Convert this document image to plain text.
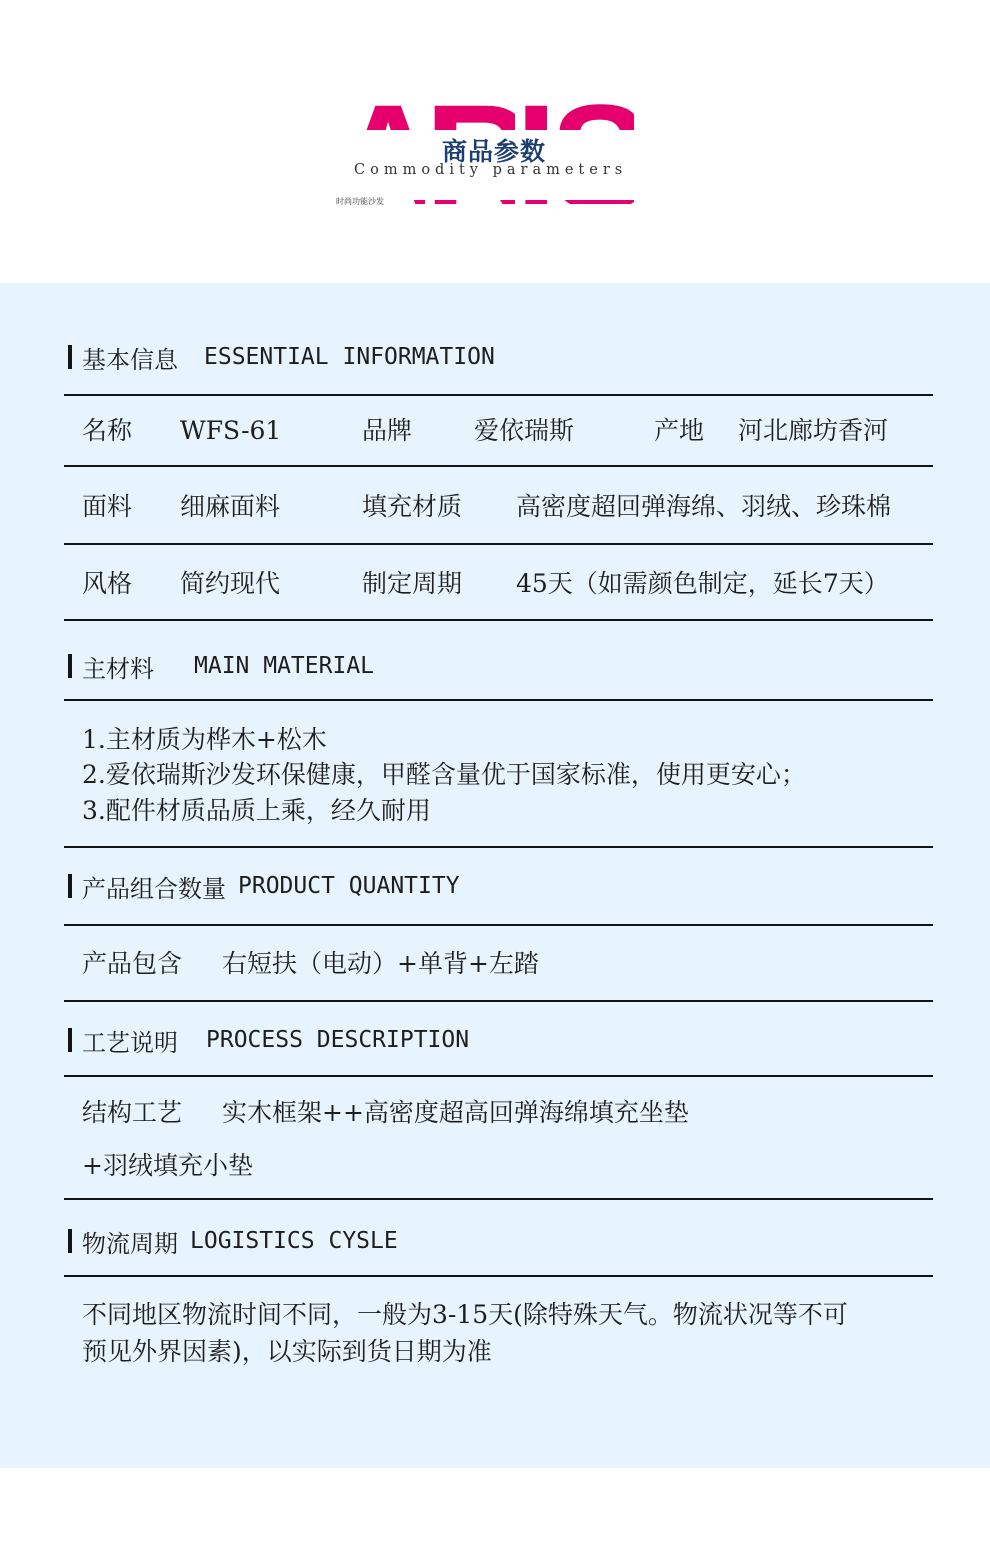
商品参数
Commodity parameters
时尚功能沙发
基本信息 ESSENTIAL INFORMATION
名称 WFS-61	品牌 爱依瑞斯	产地 河北廊坊香河
面料 细麻面料	填充材质 高密度超回弹海绵、羽绒、珍珠棉
风格 简约现代	制定周期 45天（如需颜色制定，延长7天）
主材料 MAIN MATERIAL
1.主材质为桦木+松木
2.爱依瑞斯沙发环保健康，甲醛含量优于国家标准，使用更安心；
3.配件材质品质上乘，经久耐用
产品组合数量 PRODUCT QUANTITY
产品包含 右短扶（电动）+单背+左踏
工艺说明 PROCESS DESCRIPTION
结构工艺 实木框架++高密度超高回弹海绵填充坐垫
+羽绒填充小垫
物流周期 LOGISTICS CYSLE
不同地区物流时间不同，一般为3-15天(除特殊天气。物流状况等不可
预见外界因素)，以实际到货日期为准
